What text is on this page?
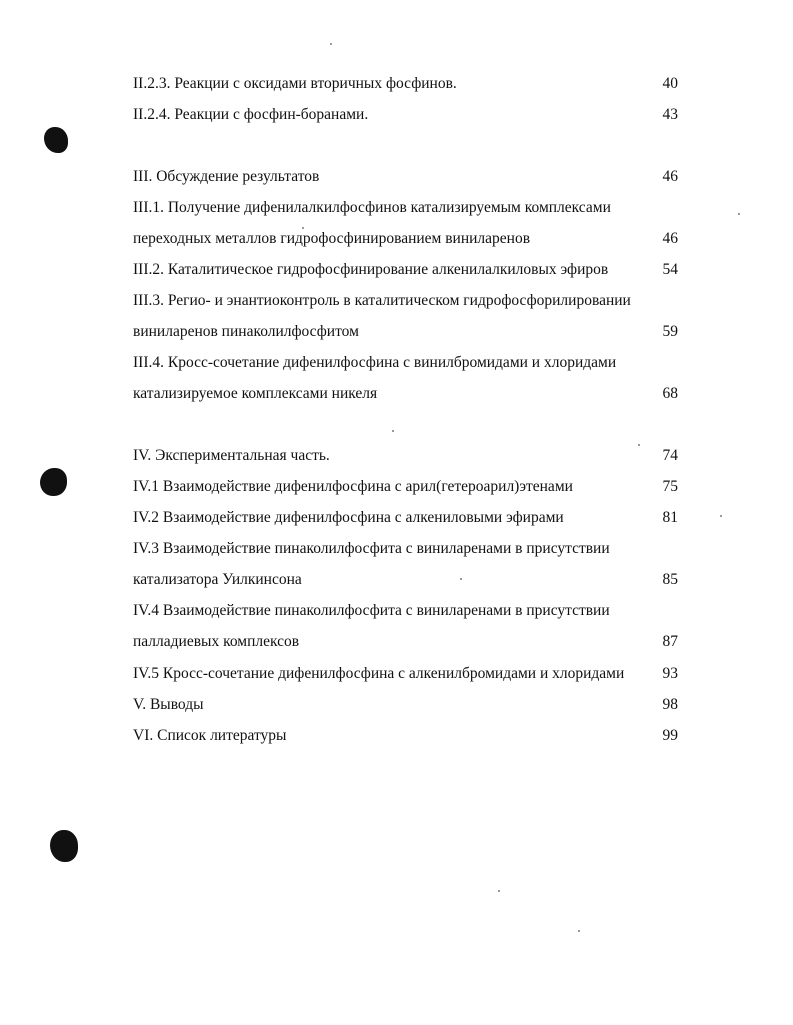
II.2.3. Реакции с оксидами вторичных фосфинов.	40
II.2.4. Реакции с фосфин-боранами.	43
III. Обсуждение результатов	46
III.1. Получение дифенилалкилфосфинов катализируемым комплексами
переходных металлов гидрофосфинированием виниларенов	46
III.2. Каталитическое гидрофосфинирование алкенилалкиловых эфиров	54
III.3. Регио- и энантиоконтроль в каталитическом гидрофосфорилировании
виниларенов пинаколилфосфитом	59
III.4. Кросс-сочетание дифенилфосфина с винилбромидами и хлоридами
катализируемое комплексами никеля	68
IV. Экспериментальная часть.	74
IV.1 Взаимодействие дифенилфосфина с арил(гетероарил)этенами	75
IV.2 Взаимодействие дифенилфосфина с алкениловыми эфирами	81
IV.3 Взаимодействие пинаколилфосфита с виниларенами в присутствии
катализатора Уилкинсона	85
IV.4 Взаимодействие пинаколилфосфита с виниларенами в присутствии
палладиевых комплексов	87
IV.5 Кросс-сочетание дифенилфосфина с алкенилбромидами и хлоридами 93
V. Выводы	98
VI. Список литературы	99
